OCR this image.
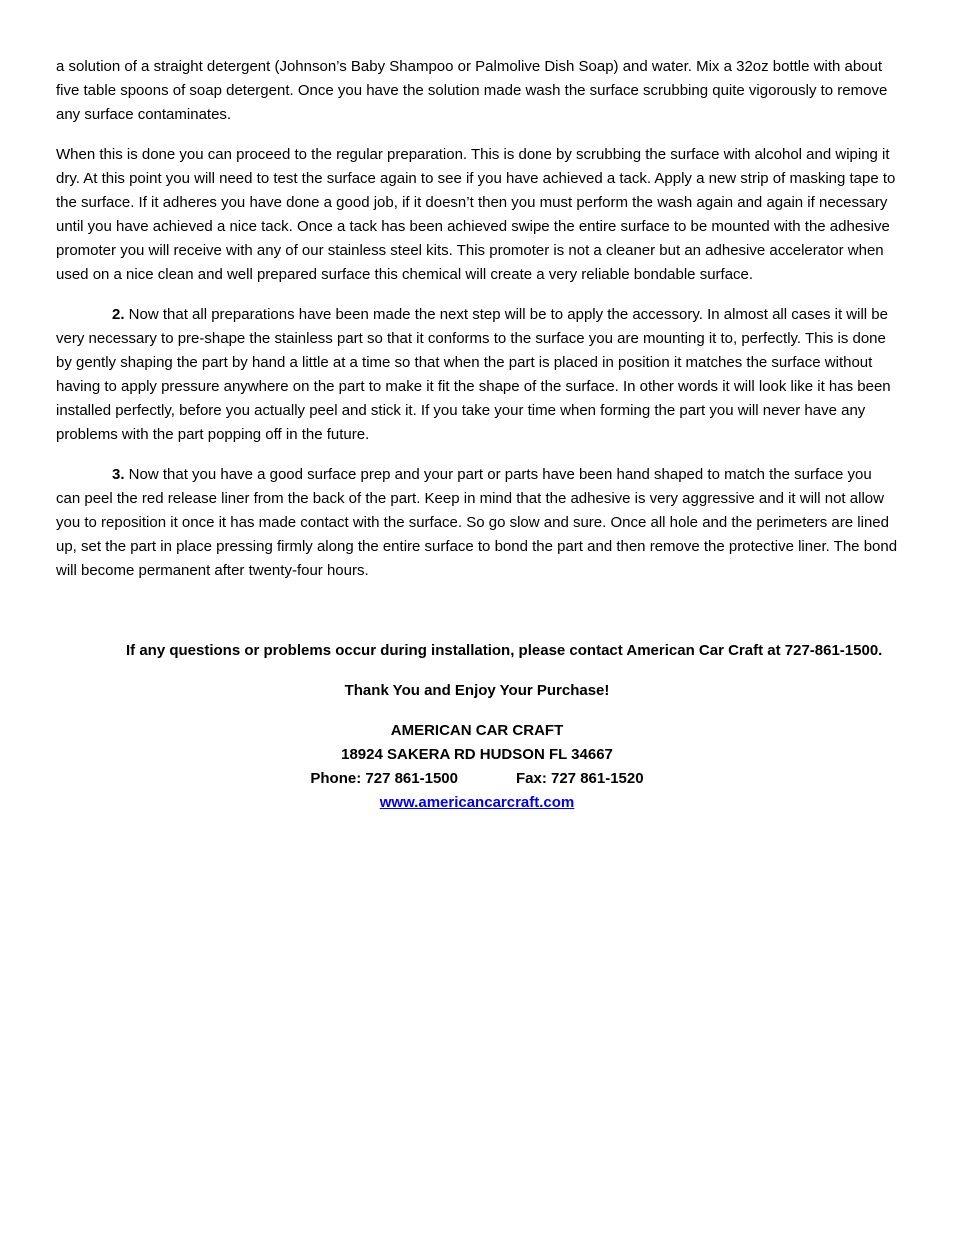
a solution of a straight detergent (Johnson’s Baby Shampoo or Palmolive Dish Soap) and water. Mix a 32oz bottle with about five table spoons of soap detergent. Once you have the solution made wash the surface scrubbing quite vigorously to remove any surface contaminates.

When this is done you can proceed to the regular preparation. This is done by scrubbing the surface with alcohol and wiping it dry. At this point you will need to test the surface again to see if you have achieved a tack. Apply a new strip of masking tape to the surface. If it adheres you have done a good job, if it doesn’t then you must perform the wash again and again if necessary until you have achieved a nice tack. Once a tack has been achieved swipe the entire surface to be mounted with the adhesive promoter you will receive with any of our stainless steel kits. This promoter is not a cleaner but an adhesive accelerator when used on a nice clean and well prepared surface this chemical will create a very reliable bondable surface.

2. Now that all preparations have been made the next step will be to apply the accessory. In almost all cases it will be very necessary to pre-shape the stainless part so that it conforms to the surface you are mounting it to, perfectly. This is done by gently shaping the part by hand a little at a time so that when the part is placed in position it matches the surface without having to apply pressure anywhere on the part to make it fit the shape of the surface. In other words it will look like it has been installed perfectly, before you actually peel and stick it. If you take your time when forming the part you will never have any problems with the part popping off in the future.

3. Now that you have a good surface prep and your part or parts have been hand shaped to match the surface you can peel the red release liner from the back of the part. Keep in mind that the adhesive is very aggressive and it will not allow you to reposition it once it has made contact with the surface. So go slow and sure. Once all hole and the perimeters are lined up, set the part in place pressing firmly along the entire surface to bond the part and then remove the protective liner. The bond will become permanent after twenty-four hours.

If any questions or problems occur during installation, please contact American Car Craft at 727-861-1500.

Thank You and Enjoy Your Purchase!

AMERICAN CAR CRAFT

18924 SAKERA RD HUDSON FL 34667

Phone: 727 861-1500	Fax: 727 861-1520

www.americancarcraft.com
